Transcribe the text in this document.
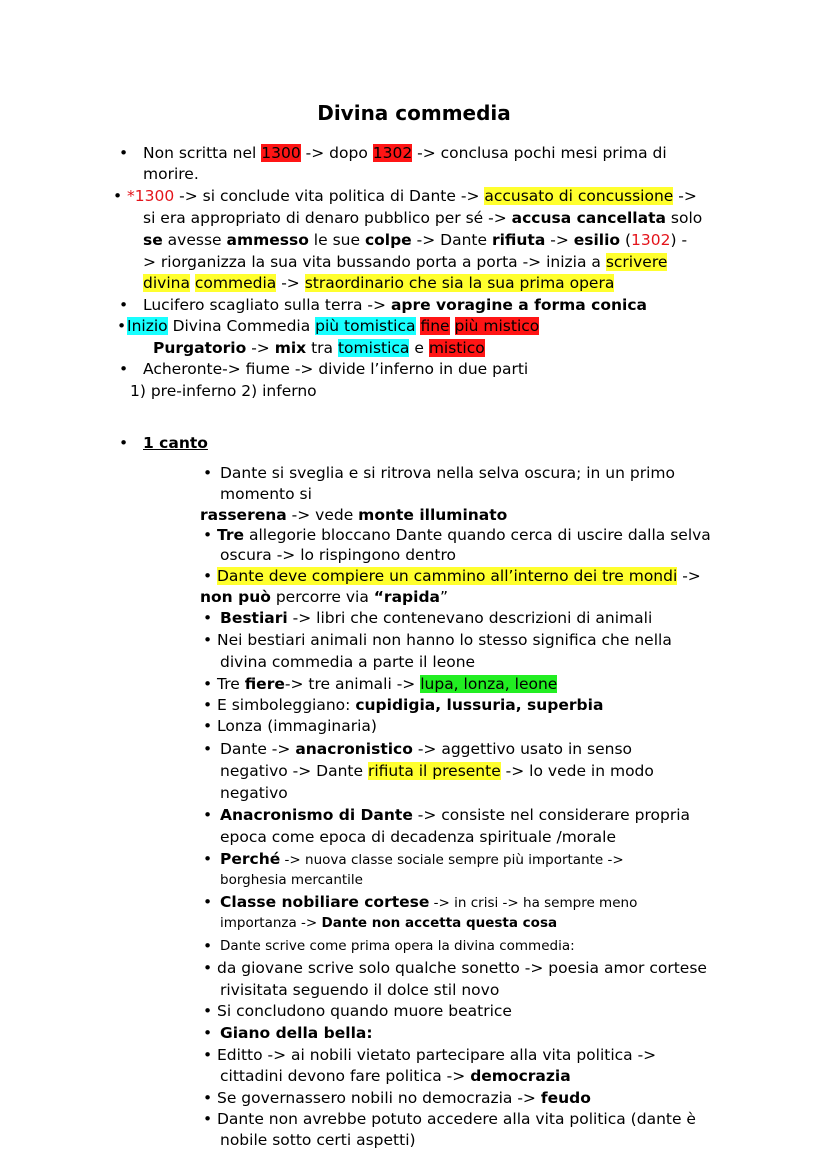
Divina commedia
• Non scritta nel 1300 -> dopo 1302 -> conclusa pochi mesi prima di
morire.
• *1300 -> si conclude vita politica di Dante -> accusato di concussione ->
si era appropriato di denaro pubblico per sé -> accusa cancellata solo
se avesse ammesso le sue colpe -> Dante rifiuta -> esilio (1302) -
> riorganizza la sua vita bussando porta a porta -> inizia a scrivere
divina commedia -> straordinario che sia la sua prima opera
• Lucifero scagliato sulla terra -> apre voragine a forma conica
• Inizio Divina Commedia più tomistica fine più mistico
Purgatorio -> mix tra tomistica e mistico
• Acheronte-> fiume -> divide l’inferno in due parti
1) pre-inferno 2) inferno
• 1 canto
• Dante si sveglia e si ritrova nella selva oscura; in un primo
momento si
rasserena -> vede monte illuminato
• Tre allegorie bloccano Dante quando cerca di uscire dalla selva
oscura -> lo rispingono dentro
• Dante deve compiere un cammino all’interno dei tre mondi ->
non può percorre via “rapida”
• Bestiari -> libri che contenevano descrizioni di animali
• Nei bestiari animali non hanno lo stesso significa che nella
divina commedia a parte il leone
• Tre fiere-> tre animali -> lupa, lonza, leone
• E simboleggiano: cupidigia, lussuria, superbia
• Lonza (immaginaria)
• Dante -> anacronistico -> aggettivo usato in senso
negativo -> Dante rifiuta il presente -> lo vede in modo
negativo
• Anacronismo di Dante -> consiste nel considerare propria
epoca come epoca di decadenza spirituale /morale
• Perché -> nuova classe sociale sempre più importante ->
borghesia mercantile
• Classe nobiliare cortese -> in crisi -> ha sempre meno
importanza -> Dante non accetta questa cosa
• Dante scrive come prima opera la divina commedia:
• da giovane scrive solo qualche sonetto -> poesia amor cortese
rivisitata seguendo il dolce stil novo
• Si concludono quando muore beatrice
• Giano della bella:
• Editto -> ai nobili vietato partecipare alla vita politica ->
cittadini devono fare politica -> democrazia
• Se governassero nobili no democrazia -> feudo
• Dante non avrebbe potuto accedere alla vita politica (dante è
nobile sotto certi aspetti)
